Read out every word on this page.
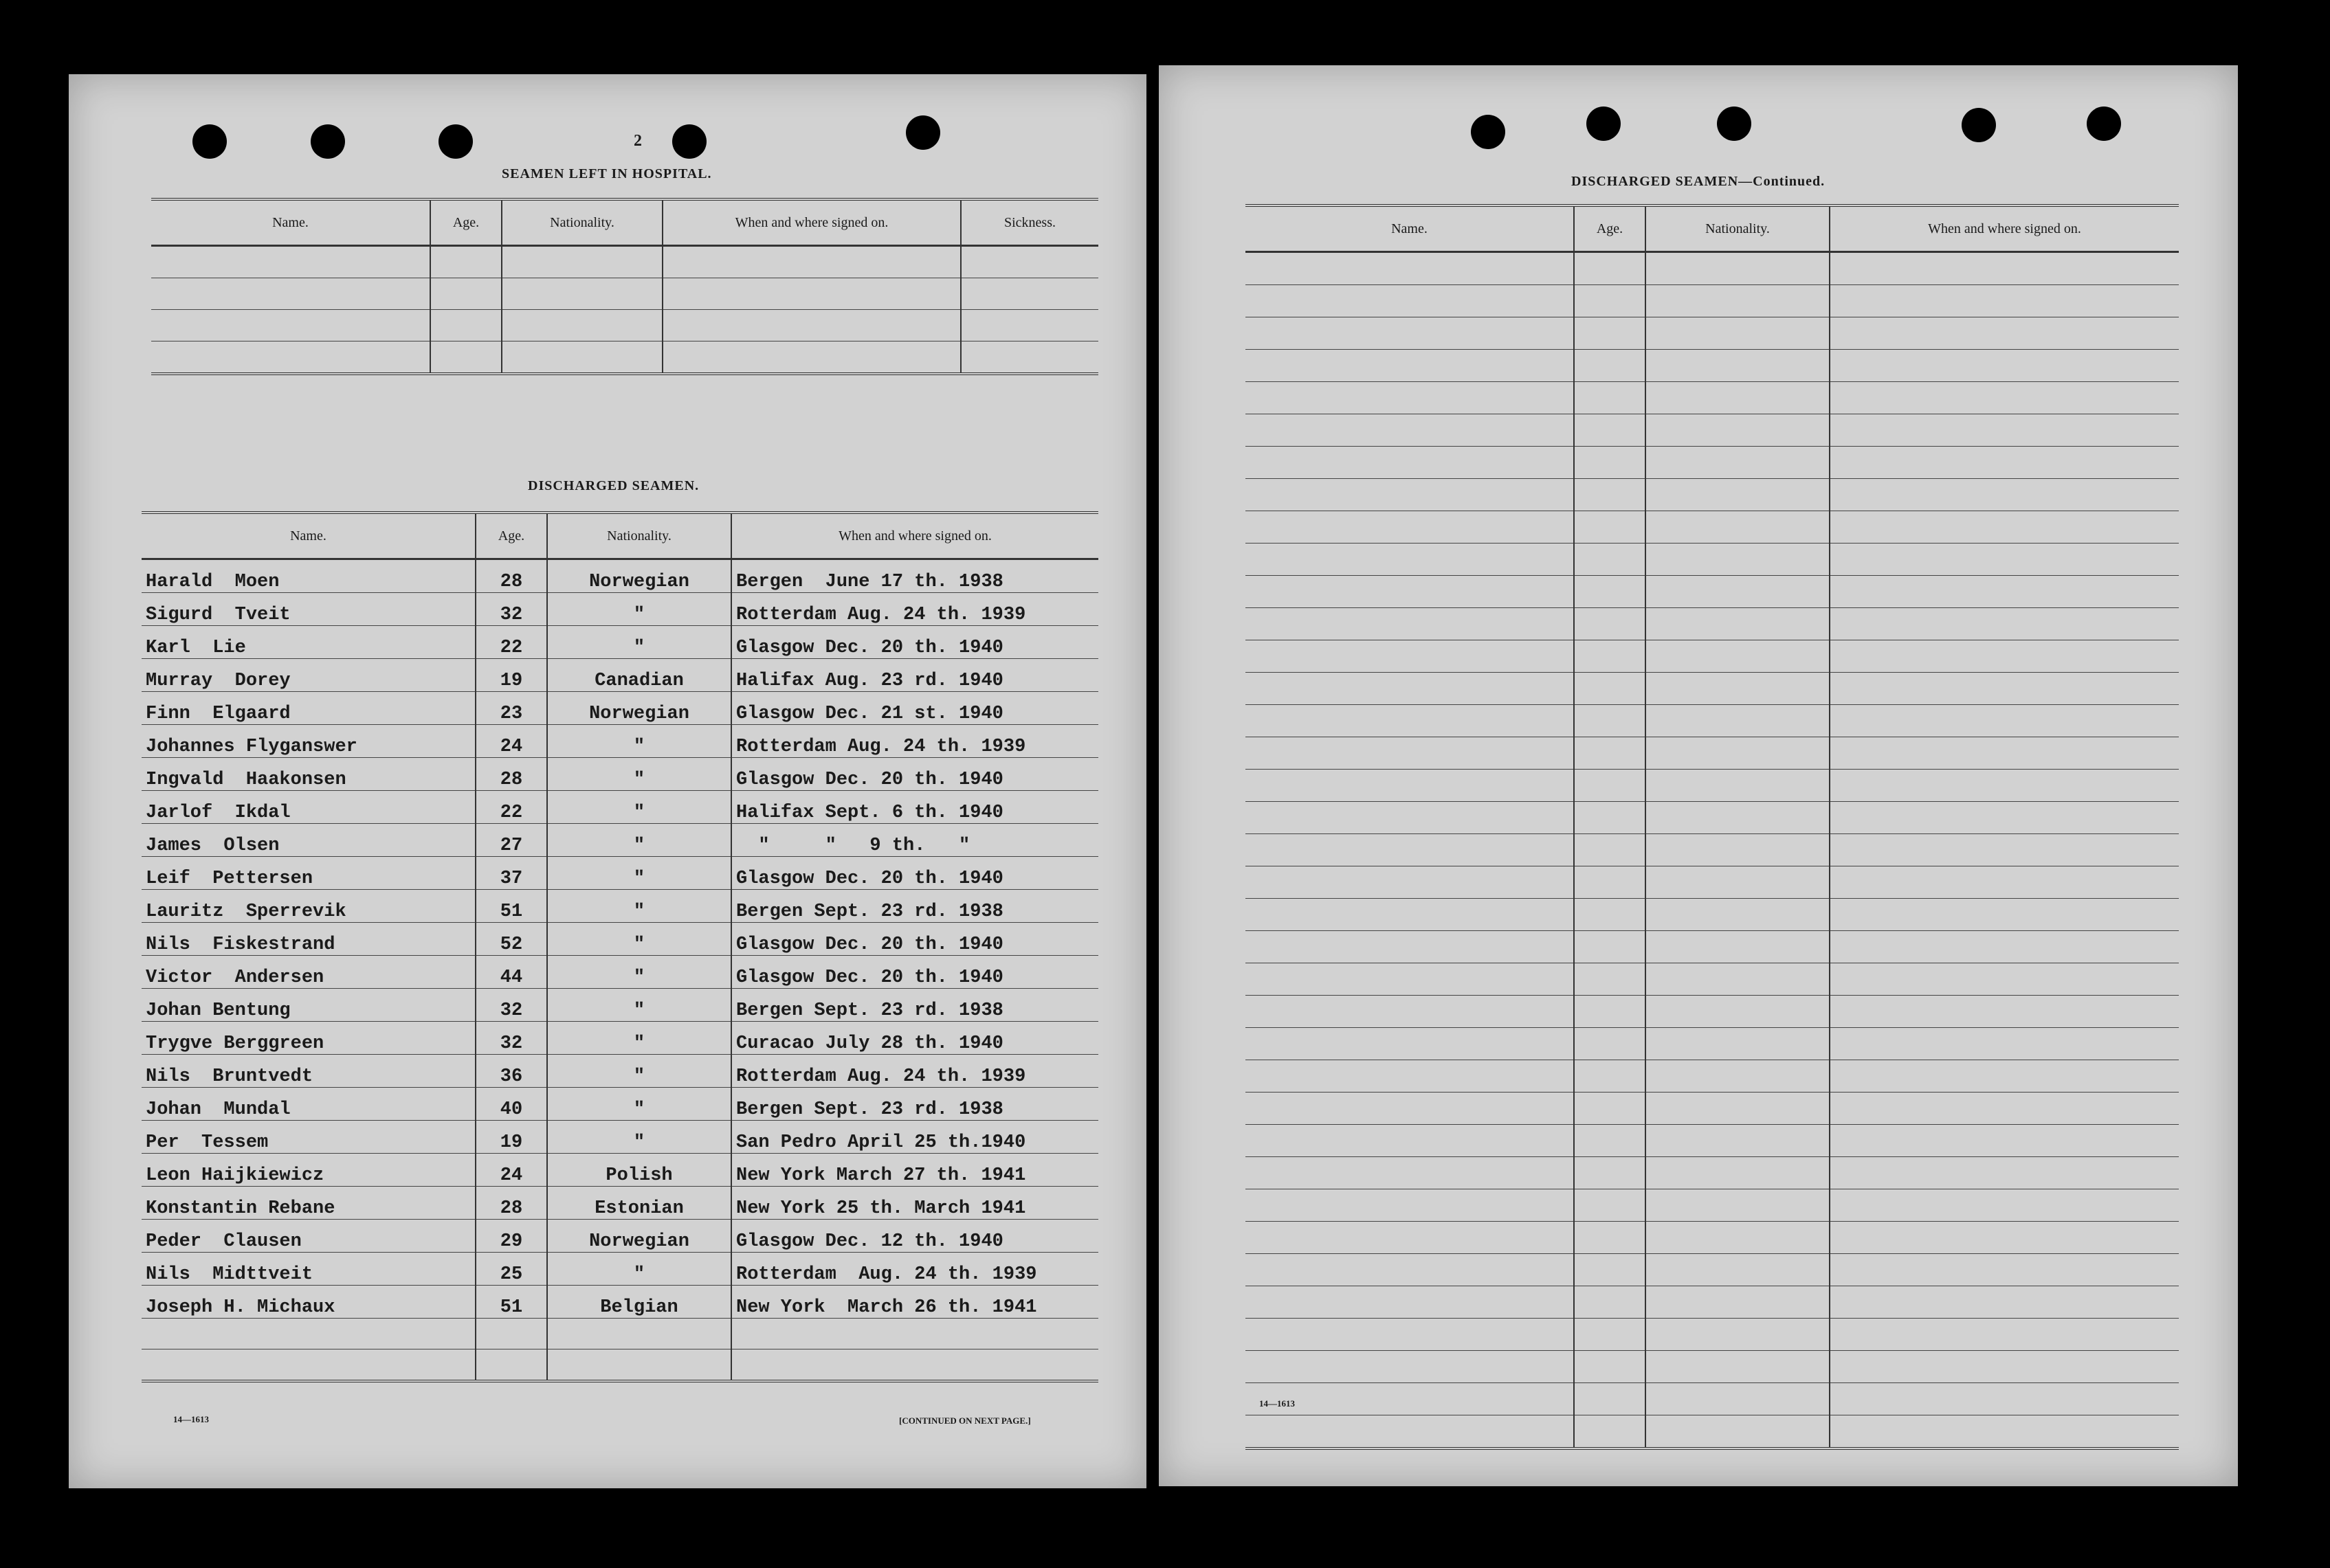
2
SEAMEN LEFT IN HOSPITAL.
Name.	Age.	Nationality.	When and where signed on.	Sickness.

DISCHARGED SEAMEN.
Name.	Age.	Nationality.	When and where signed on.
Harald  Moen	28	Norwegian	Bergen  June 17 th. 1938
Sigurd  Tveit	32	"	Rotterdam Aug. 24 th. 1939
Karl  Lie	22	"	Glasgow Dec. 20 th. 1940
Murray  Dorey	19	Canadian	Halifax Aug. 23 rd. 1940
Finn  Elgaard	23	Norwegian	Glasgow Dec. 21 st. 1940
Johannes Flyganswer	24	"	Rotterdam Aug. 24 th. 1939
Ingvald  Haakonsen	28	"	Glasgow Dec. 20 th. 1940
Jarlof  Ikdal	22	"	Halifax Sept. 6 th. 1940
James  Olsen	27	"	"     "   9 th.   "
Leif  Pettersen	37	"	Glasgow Dec. 20 th. 1940
Lauritz  Sperrevik	51	"	Bergen Sept. 23 rd. 1938
Nils  Fiskestrand	52	"	Glasgow Dec. 20 th. 1940
Victor  Andersen	44	"	Glasgow Dec. 20 th. 1940
Johan Bentung	32	"	Bergen Sept. 23 rd. 1938
Trygve Berggreen	32	"	Curacao July 28 th. 1940
Nils  Bruntvedt	36	"	Rotterdam Aug. 24 th. 1939
Johan  Mundal	40	"	Bergen Sept. 23 rd. 1938
Per  Tessem	19	"	San Pedro April 25 th.1940
Leon Haijkiewicz	24	Polish	New York March 27 th. 1941
Konstantin Rebane	28	Estonian	New York 25 th. March 1941
Peder  Clausen	29	Norwegian	Glasgow Dec. 12 th. 1940
Nils  Midttveit	25	"	Rotterdam  Aug. 24 th. 1939
Joseph H. Michaux	51	Belgian	New York  March 26 th. 1941

14—1613	[CONTINUED ON NEXT PAGE.]
DISCHARGED SEAMEN—Continued.
Name.	Age.	Nationality.	When and where signed on.

14—1613
